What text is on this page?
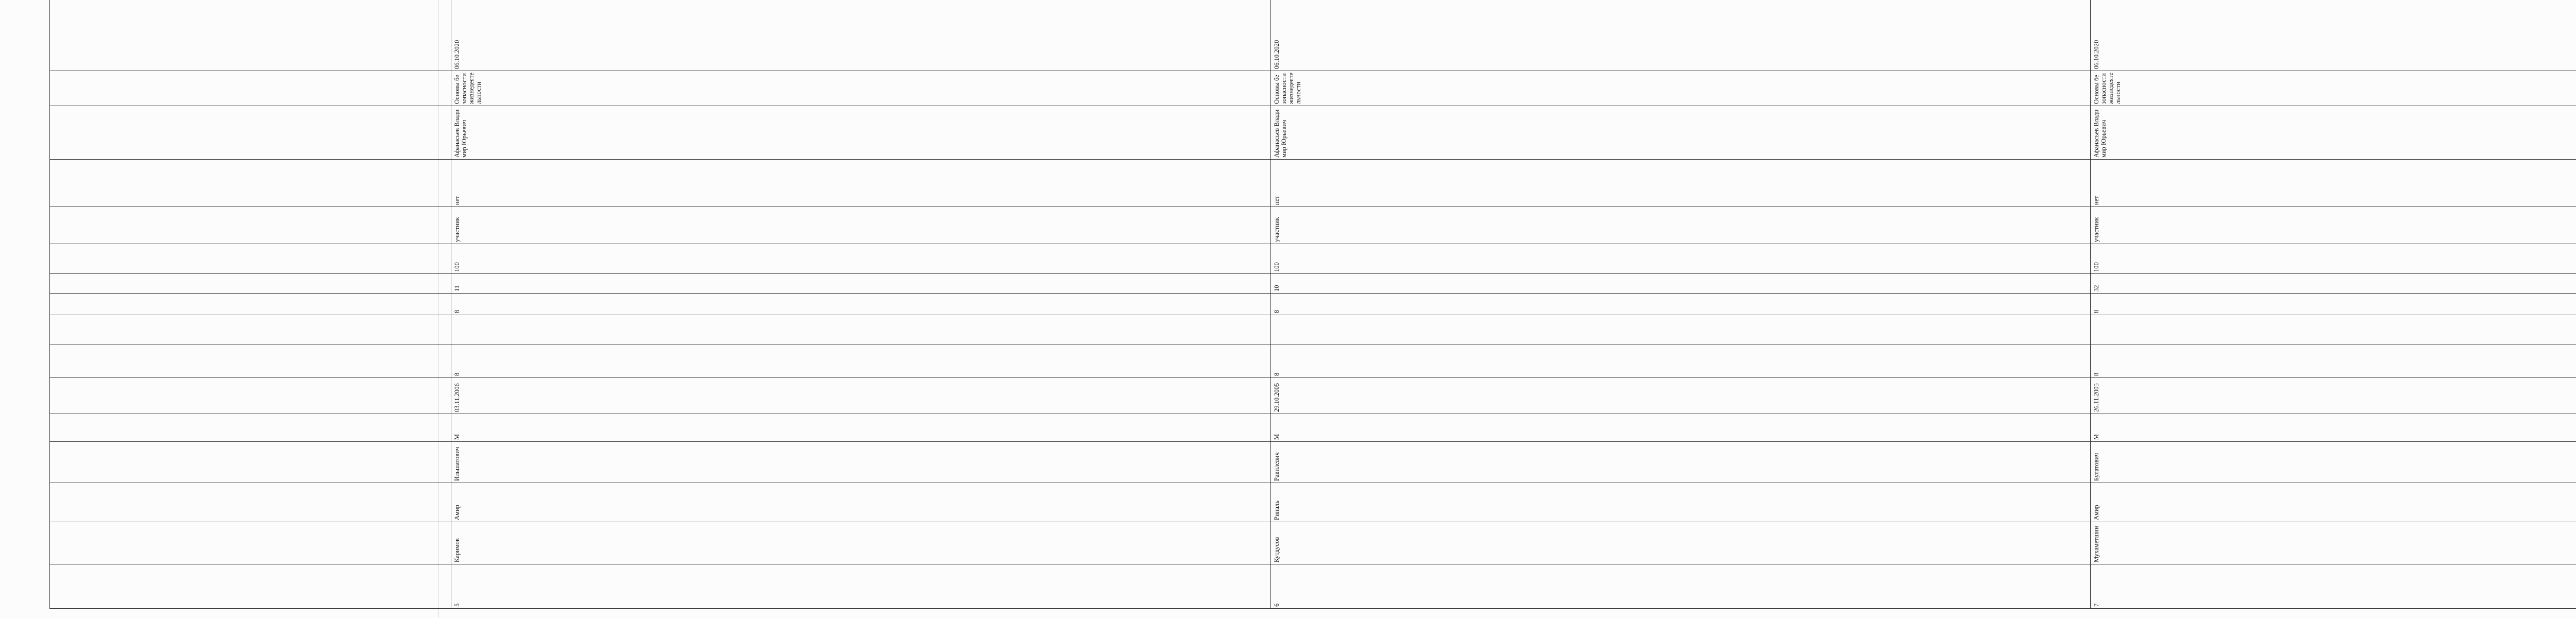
5	Каримов	Амир	Ильшатович	М	03.11.2006	8		8	11	100	участник	нет	Афанасьев Владимир Юрьевич	Основы безопасности жизнедеятельности	06.10.2020	
6	Кутдусов	Риналь	Равилевич	М	29.10.2005	8		8	10	100	участник	нет	Афанасьев Владимир Юрьевич	Основы безопасности жизнедеятельности	06.10.2020	
7	Мухаметшин	Амир	Булатович	М	26.11.2005	8		8	32	100	участник	нет	Афанасьев Владимир Юрьевич	Основы безопасности жизнедеятельности	06.10.2020	
